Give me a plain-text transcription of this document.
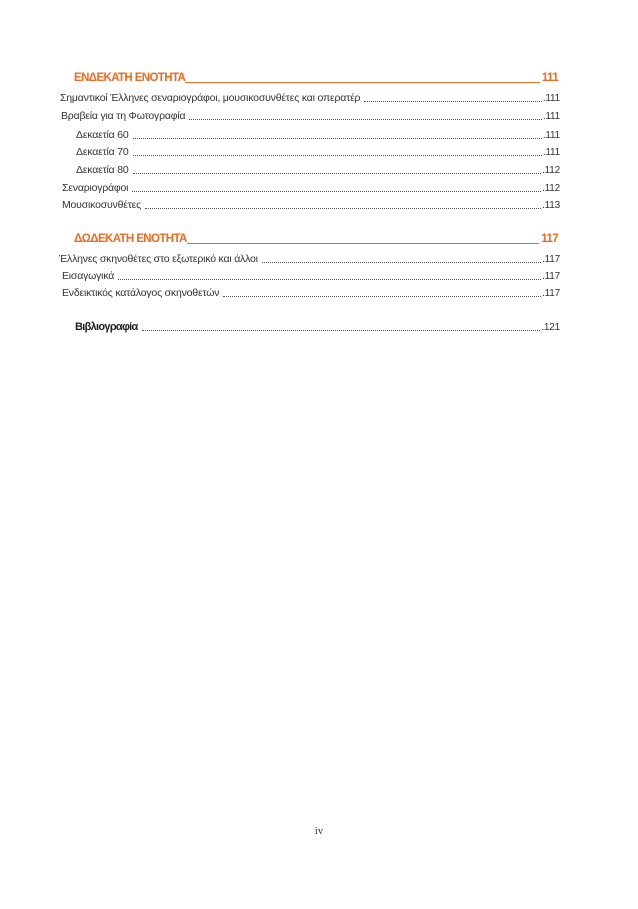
ΕΝΔΕΚΑΤΗ ΕΝΟΤΗΤΑ	111
Σημαντικοί Έλληνες σεναριογράφοι, μουσικοσυνθέτες και οπερατέρ	.111
Βραβεία για τη Φωτογραφία	.111
Δεκαετία 60	.111
Δεκαετία 70	.111
Δεκαετία 80	.112
Σεναριογράφοι	.112
Μουσικοσυνθέτες	.113
ΔΩΔΕΚΑΤΗ ΕΝΟΤΗΤΑ	117
Έλληνες σκηνοθέτες στο εξωτερικό και άλλοι	.117
Εισαγωγικά	.117
Ενδεικτικός κατάλογος σκηνοθετών	.117
Βιβλιογραφία	.121
iv
